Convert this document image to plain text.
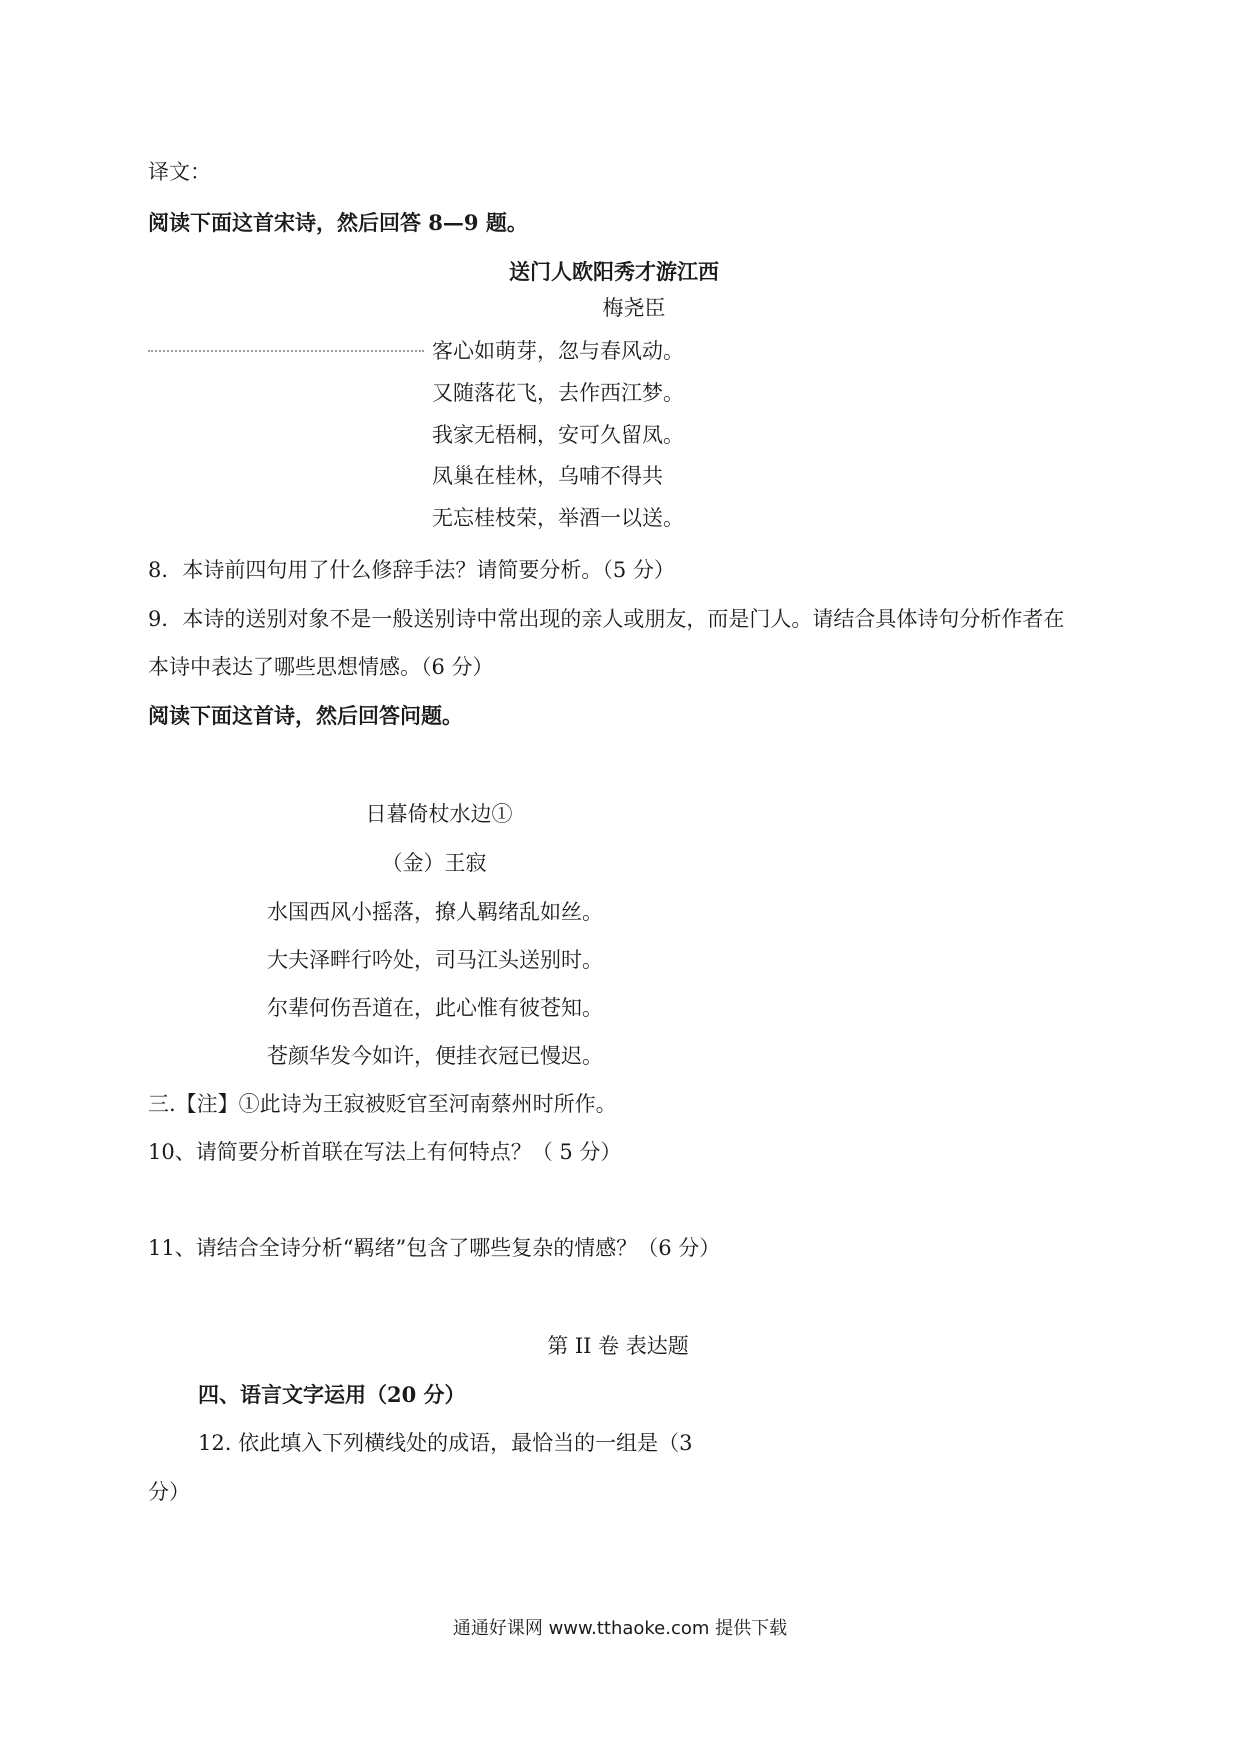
译文：
阅读下面这首宋诗，然后回答 8—9 题。
送门人欧阳秀才游江西
梅尧臣
客心如萌芽，忽与春风动。
又随落花飞，去作西江梦。
我家无梧桐，安可久留凤。
凤巢在桂林，乌哺不得共
无忘桂枝荣，举酒一以送。
8．本诗前四句用了什么修辞手法？请简要分析。（5 分）
9．本诗的送别对象不是一般送别诗中常出现的亲人或朋友，而是门人。请结合具体诗句分析作者在
本诗中表达了哪些思想情感。（6 分）
阅读下面这首诗，然后回答问题。
日暮倚杖水边①
（金）王寂
水国西风小摇落，撩人羁绪乱如丝。
大夫泽畔行吟处，司马江头送别时。
尔辈何伤吾道在，此心惟有彼苍知。
苍颜华发今如许，便挂衣冠已慢迟。
三.【注】①此诗为王寂被贬官至河南蔡州时所作。
10、请简要分析首联在写法上有何特点？（ 5 分）
11、请结合全诗分析“羁绪”包含了哪些复杂的情感？（6 分）
第 II 卷 表达题
四、语言文字运用（20 分）
12. 依此填入下列横线处的成语，最恰当的一组是（3
分）
通通好课网 www.tthaoke.com 提供下载
